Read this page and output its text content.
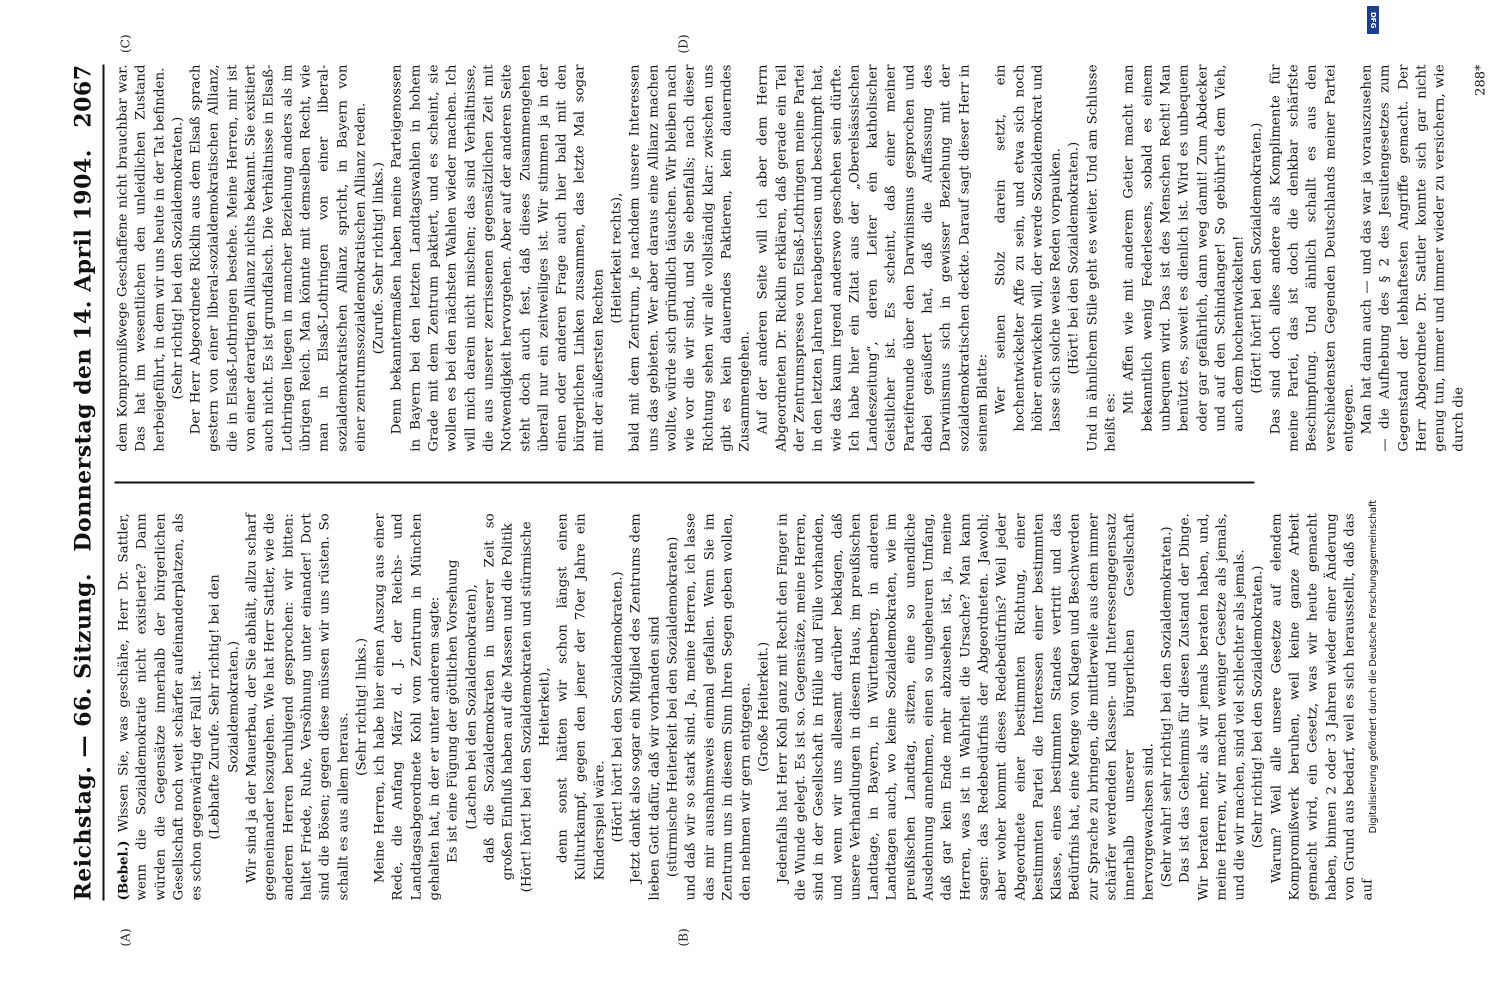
Reichstag. — 66. Sitzung.
Donnerstag den 14. April 1904.
2067
(A)	(B)

(Bebel.) Wissen Sie, was geschähe, Herr Dr. Sattler, wenn die Sozialdemokratie nicht existierte? Dann würden die Gegensätze innerhalb der bürgerlichen Gesellschaft noch weit schärfer aufeinanderplatzen, als es schon gegenwärtig der Fall ist. (Lebhafte Zurufe. Sehr richtig! bei den Sozialdemokraten.) Wir sind ja der Mauerbau, der Sie abhält, allzu scharf gegeneinander loszugehen. Wie hat Herr Sattler, wie die anderen Herren beruhigend gesprochen: wir bitten: haltet Friede, Ruhe, Versöhnung unter einander! Dort sind die Bösen; gegen diese müssen wir uns rüsten. So schallt es aus allem heraus.

(Sehr richtig! links.) Meine Herren, ich habe hier einen Auszug aus einer Rede, die Anfang März d. J. der Reichs- und Landtagsabgeordnete Kohl vom Zentrum in München gehalten hat, in der er unter anderem sagte: Es ist eine Fügung der göttlichen Vorsehung (Lachen bei den Sozialdemokraten), daß die Sozialdemokraten in unserer Zeit so großen Einfluß haben auf die Massen und die Politik (Hört! hört! bei den Sozialdemokraten und stürmische Heiterkeit), denn sonst hätten wir schon längst einen Kulturkampf, gegen den jener der 70er Jahre ein Kinderspiel wäre. (Hört! hört! bei den Sozialdemokraten.) Jetzt dankt also sogar ein Mitglied des Zentrums dem lieben Gott dafür, daß wir vorhanden sind (stürmische Heiterkeit bei den Sozialdemokraten) und daß wir so stark sind. Ja, meine Herren, ich lasse das mir ausnahmsweis einmal gefallen. Wenn Sie im Zentrum uns in diesem Sinn Ihren Segen geben wollen, den nehmen wir gern entgegen. (Große Heiterkeit.) Jedenfalls hat Herr Kohl ganz mit Recht den Finger in die Wunde gelegt. Es ist so. Gegensätze, meine Herren, sind in der Gesellschaft in Hülle und Fülle vorhanden, und wenn wir uns allesamt darüber beklagen, daß unsere Verhandlungen in diesem Haus, im preußischen Landtage, in Bayern, in Württemberg, in anderen Landtagen auch, wo keine Sozialdemokraten, wie im preußischen Landtag, sitzen, eine so unendliche Ausdehnung annehmen, einen so ungeheuren Umfang, daß gar kein Ende mehr abzusehen ist, ja, meine Herren, was ist in Wahrheit die Ursache? Man kann sagen: das Redebedürfnis der Abgeordneten. Jawohl; aber woher kommt dieses Redebedürfnis? Weil jeder Abgeordnete einer bestimmten Richtung, einer bestimmten Partei die Interessen einer bestimmten Klasse, eines bestimmten Standes vertritt und das Bedürfnis hat, eine Menge von Klagen und Beschwerden zur Sprache zu bringen, die mittlerweile aus dem immer schärfer werdenden Klassen- und Interessengegensatz innerhalb unserer bürgerlichen Gesellschaft hervorgewachsen sind. (Sehr wahr! sehr richtig! bei den Sozialdemokraten.) Das ist das Geheimnis für diesen Zustand der Dinge. Wir beraten mehr, als wir jemals beraten haben, und, meine Herren, wir machen weniger Gesetze als jemals, und die wir machen, sind viel schlechter als jemals. (Sehr richtig! bei den Sozialdemokraten.) Warum? Weil alle unsere Gesetze auf elendem Kompromißwerk beruhen, weil keine ganze Arbeit gemacht wird, ein Gesetz, was wir heute gemacht haben, binnen 2 oder 3 Jahren wieder einer Änderung von Grund aus bedarf, weil es sich herausstellt, daß das auf

(C)	(D)

dem Kompromißwege Geschaffene nicht brauchbar war. Das hat im wesentlichen den unleidlichen Zustand herbeigeführt, in dem wir uns heute in der Tat befinden. (Sehr richtig! bei den Sozialdemokraten.) Der Herr Abgeordnete Ricklin aus dem Elsaß sprach gestern von einer liberal-sozialdemokratischen Allianz, die in Elsaß-Lothringen bestehe. Meine Herren, mir ist von einer derartigen Allianz nichts bekannt. Sie existiert auch nicht. Es ist grundfalsch. Die Verhältnisse in Elsaß-Lothringen liegen in mancher Beziehung anders als im übrigen Reich. Man könnte mit demselben Recht, wie man in Elsaß-Lothringen von einer liberal-sozialdemokratischen Allianz spricht, in Bayern von einer zentrumssozialdemokratischen Allianz reden. (Zurufe. Sehr richtig! links.) Denn bekanntermaßen haben meine Parteigenossen in Bayern bei den letzten Landtagswahlen in hohem Grade mit dem Zentrum paktiert, und es scheint, sie wollen es bei den nächsten Wahlen wieder machen. Ich will mich darein nicht mischen; das sind Verhältnisse, die aus unserer zerrissenen gegensätzlichen Zeit mit Notwendigkeit hervorgehen. Aber auf der anderen Seite steht doch auch fest, daß dieses Zusammengehen überall nur ein zeitweiliges ist. Wir stimmen ja in der einen oder anderen Frage auch hier bald mit den bürgerlichen Linken zusammen, das letzte Mal sogar mit der äußersten Rechten

(Heiterkeit rechts), bald mit dem Zentrum, je nachdem unsere Interessen uns das gebieten. Wer aber daraus eine Allianz machen wollte, würde sich gründlich täuschen. Wir bleiben nach wie vor die wir sind, und Sie ebenfalls; nach dieser Richtung sehen wir alle vollständig klar: zwischen uns gibt es kein dauerndes Paktieren, kein dauerndes Zusammengehen. Auf der anderen Seite will ich aber dem Herrn Abgeordneten Dr. Ricklin erklären, daß gerade ein Teil der Zentrumspresse von Elsaß-Lothringen meine Partei in den letzten Jahren herabgerissen und beschimpft hat, wie das kaum irgend anderswo geschehen sein dürfte. Ich habe hier ein Zitat aus der „Oberelsässischen Landeszeitung“, deren Leiter ein katholischer Geistlicher ist. Es scheint, daß einer meiner Parteifreunde über den Darwinismus gesprochen und dabei geäußert hat, daß die Auffassung des Darwinismus sich in gewisser Beziehung mit der sozialdemokratischen deckte. Darauf sagt dieser Herr in seinem Blatte: Wer seinen Stolz darein setzt, ein hochentwickelter Affe zu sein, und etwa sich noch höher entwickeln will, der werde Sozialdemokrat und lasse sich solche weise Reden vorpauken. (Hört! bei den Sozialdemokraten.) Und in ähnlichem Stile geht es weiter. Und am Schlusse heißt es:

Mit Affen wie mit anderem Getier macht man bekanntlich wenig Federlesens, sobald es einem unbequem wird. Das ist des Menschen Recht! Man benützt es, soweit es dienlich ist. Wird es unbequem oder gar gefährlich, dann weg damit! Zum Abdecker und auf den Schindanger! So gebührt's dem Vieh, auch dem hochentwickelten! (Hört! hört! bei den Sozialdemokraten.) Das sind doch alles andere als Komplimente für meine Partei, das ist doch die denkbar schärfste Beschimpfung. Und ähnlich schallt es aus den verschiedensten Gegenden Deutschlands meiner Partei entgegen. Man hat dann auch — und das war ja vorauszusehen — die Aufhebung des § 2 des Jesuitengesetzes zum Gegenstand der lebhaftesten Angriffe gemacht. Der Herr Abgeordnete Dr. Sattler konnte sich gar nicht genug tun, immer und immer wieder zu versichern, wie durch die

288*
DFG
Digitalisierung gefördert durch die Deutsche Forschungsgemeinschaft
